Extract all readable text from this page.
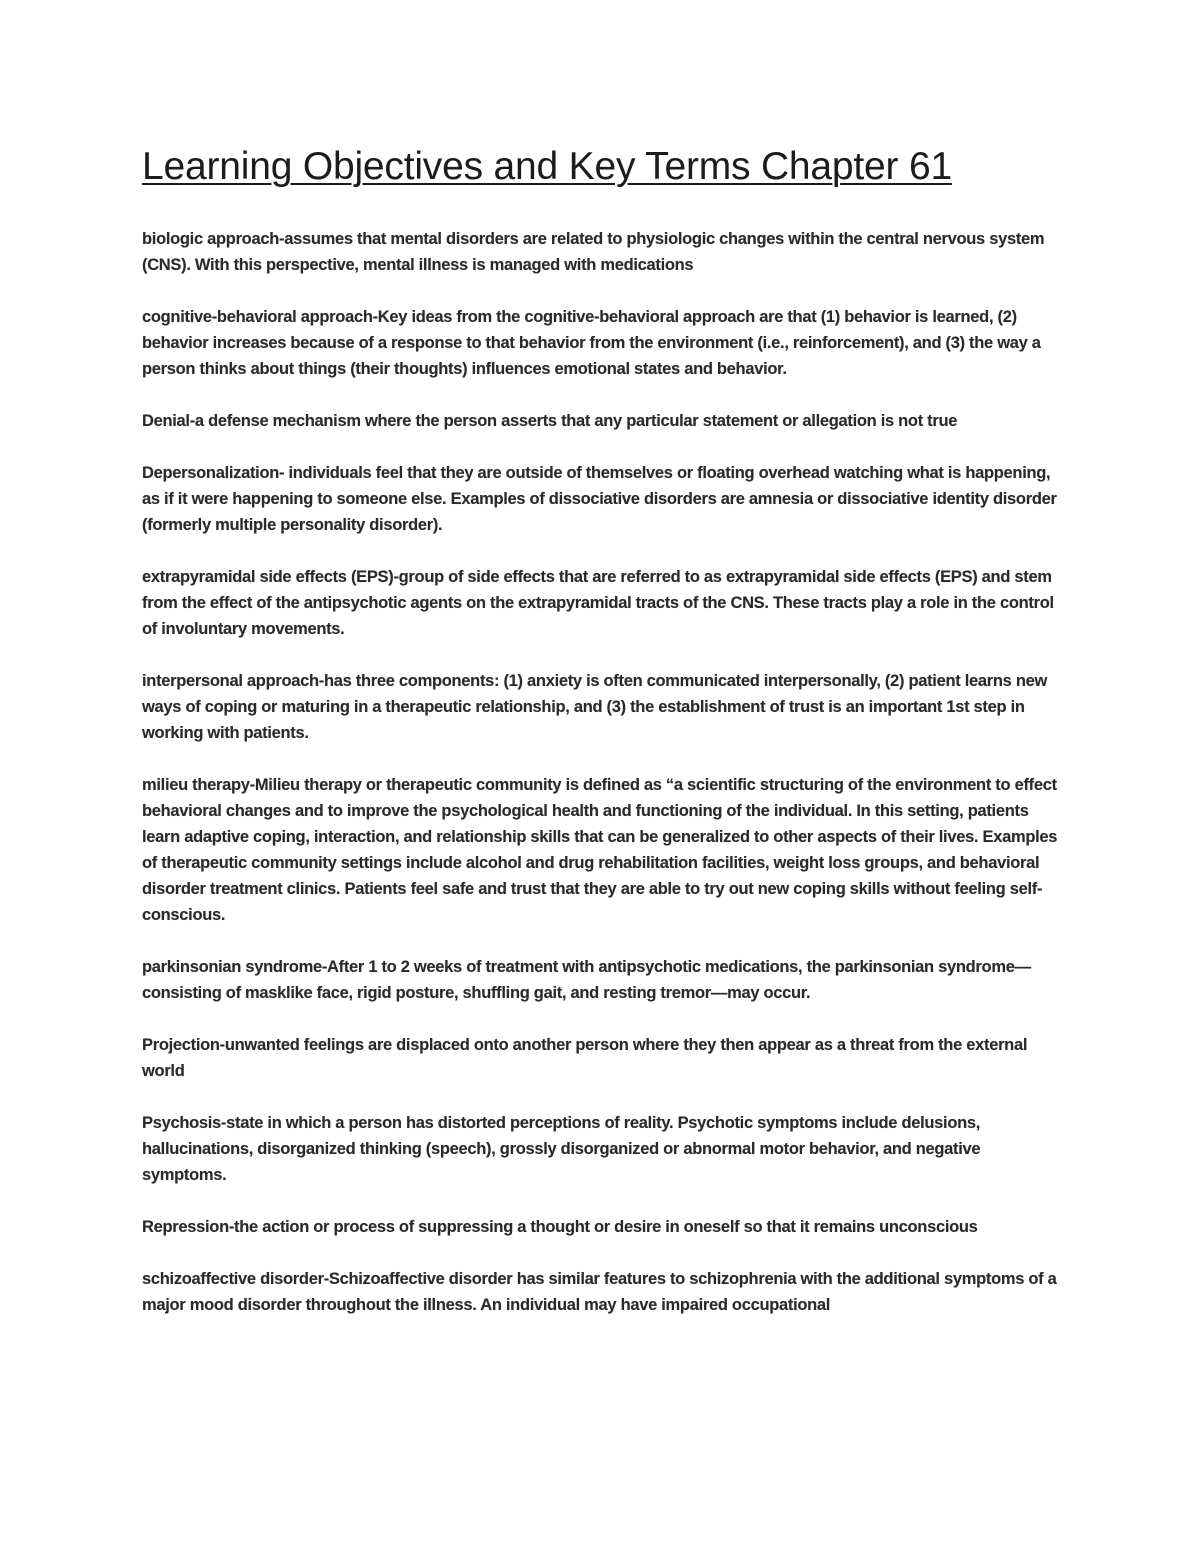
Learning Objectives and Key Terms Chapter 61

biologic approach-assumes that mental disorders are related to physiologic changes within the central nervous system (CNS). With this perspective, mental illness is managed with medications

cognitive-behavioral approach-Key ideas from the cognitive-behavioral approach are that (1) behavior is learned, (2) behavior increases because of a response to that behavior from the environment (i.e., reinforcement), and (3) the way a person thinks about things (their thoughts) influences emotional states and behavior.

Denial-a defense mechanism where the person asserts that any particular statement or allegation is not true

Depersonalization- individuals feel that they are outside of themselves or floating overhead watching what is happening, as if it were happening to someone else. Examples of dissociative disorders are amnesia or dissociative identity disorder (formerly multiple personality disorder).

extrapyramidal side effects (EPS)-group of side effects that are referred to as extrapyramidal side effects (EPS) and stem from the effect of the antipsychotic agents on the extrapyramidal tracts of the CNS. These tracts play a role in the control of involuntary movements.

interpersonal approach-has three components: (1) anxiety is often communicated interpersonally, (2) patient learns new ways of coping or maturing in a therapeutic relationship, and (3) the establishment of trust is an important 1st step in working with patients.

milieu therapy-Milieu therapy or therapeutic community is defined as “a scientific structuring of the environment to effect behavioral changes and to improve the psychological health and functioning of the individual. In this setting, patients learn adaptive coping, interaction, and relationship skills that can be generalized to other aspects of their lives. Examples of therapeutic community settings include alcohol and drug rehabilitation facilities, weight loss groups, and behavioral disorder treatment clinics. Patients feel safe and trust that they are able to try out new coping skills without feeling self-conscious.

parkinsonian syndrome-After 1 to 2 weeks of treatment with antipsychotic medications, the parkinsonian syndrome—consisting of masklike face, rigid posture, shuffling gait, and resting tremor—may occur.

Projection-unwanted feelings are displaced onto another person where they then appear as a threat from the external world

Psychosis-state in which a person has distorted perceptions of reality. Psychotic symptoms include delusions, hallucinations, disorganized thinking (speech), grossly disorganized or abnormal motor behavior, and negative symptoms.

Repression-the action or process of suppressing a thought or desire in oneself so that it remains unconscious

schizoaffective disorder-Schizoaffective disorder has similar features to schizophrenia with the additional symptoms of a major mood disorder throughout the illness. An individual may have impaired occupational
